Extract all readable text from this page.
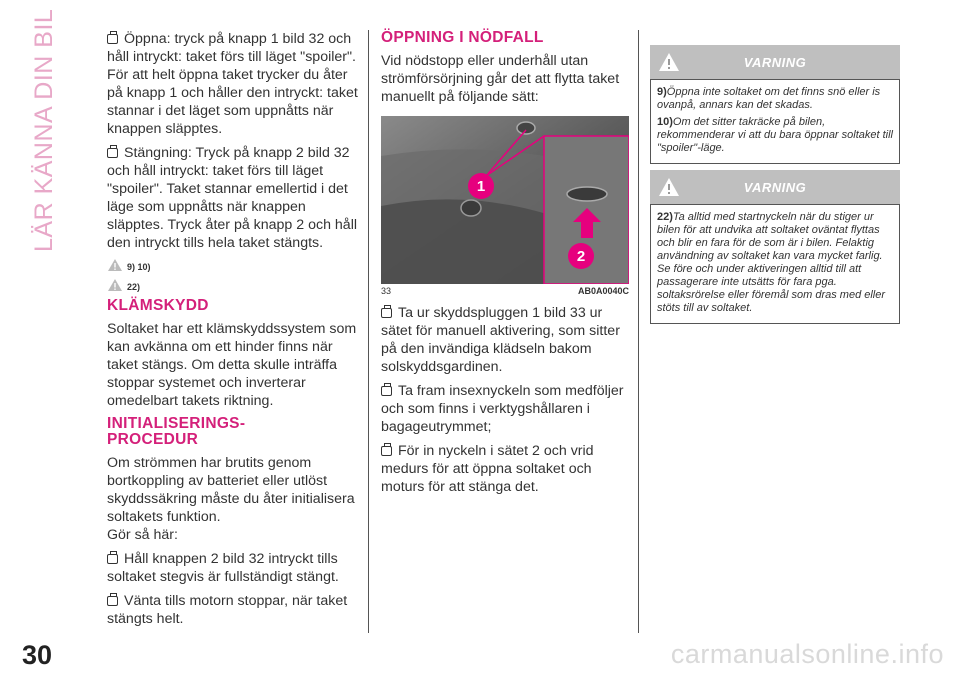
LÄR KÄNNA DIN BIL
30	carmanualsonline.info

Öppna: tryck på knapp 1 bild 32 och håll intryckt: taket förs till läget "spoiler". För att helt öppna taket trycker du åter på knapp 1 och håller den intryckt: taket stannar i det läget som uppnåtts när knappen släpptes.

Stängning: Tryck på knapp 2 bild 32 och håll intryckt: taket förs till läget "spoiler". Taket stannar emellertid i det läge som uppnåtts när knappen släpptes. Tryck åter på knapp 2 och håll den intryckt tills hela taket stängts.

9) 10)
22)
KLÄMSKYDD

Soltaket har ett klämskyddssystem som kan avkänna om ett hinder finns när taket stängs. Om detta skulle inträffa stoppar systemet och inverterar omedelbart takets riktning.

INITIALISERINGS-
PROCEDUR

Om strömmen har brutits genom bortkoppling av batteriet eller utlöst skyddssäkring måste du åter initialisera soltakets funktion.

Gör så här:

Håll knappen 2 bild 32 intryckt tills soltaket stegvis är fullständigt stängt.

Vänta tills motorn stoppar, när taket stängts helt.

ÖPPNING I NÖDFALL

Vid nödstopp eller underhåll utan strömförsörjning går det att flytta taket manuellt på följande sätt:

1
2
33	AB0A0040C

Ta ur skyddspluggen 1 bild 33 ur sätet för manuell aktivering, som sitter på den invändiga klädseln bakom solskyddsgardinen.

Ta fram insexnyckeln som medföljer och som finns i verktygshållaren i bagageutrymmet;

För in nyckeln i sätet 2 och vrid medurs för att öppna soltaket och moturs för att stänga det.

VARNING

9)Öppna inte soltaket om det finns snö eller is ovanpå, annars kan det skadas.

10)Om det sitter takräcke på bilen, rekommenderar vi att du bara öppnar soltaket till "spoiler"-läge.

VARNING

22)Ta alltid med startnyckeln när du stiger ur bilen för att undvika att soltaket oväntat flyttas och blir en fara för de som är i bilen. Felaktig användning av soltaket kan vara mycket farlig. Se före och under aktiveringen alltid till att passagerare inte utsätts för fara pga. soltaksrörelse eller föremål som dras med eller stöts till av soltaket.
